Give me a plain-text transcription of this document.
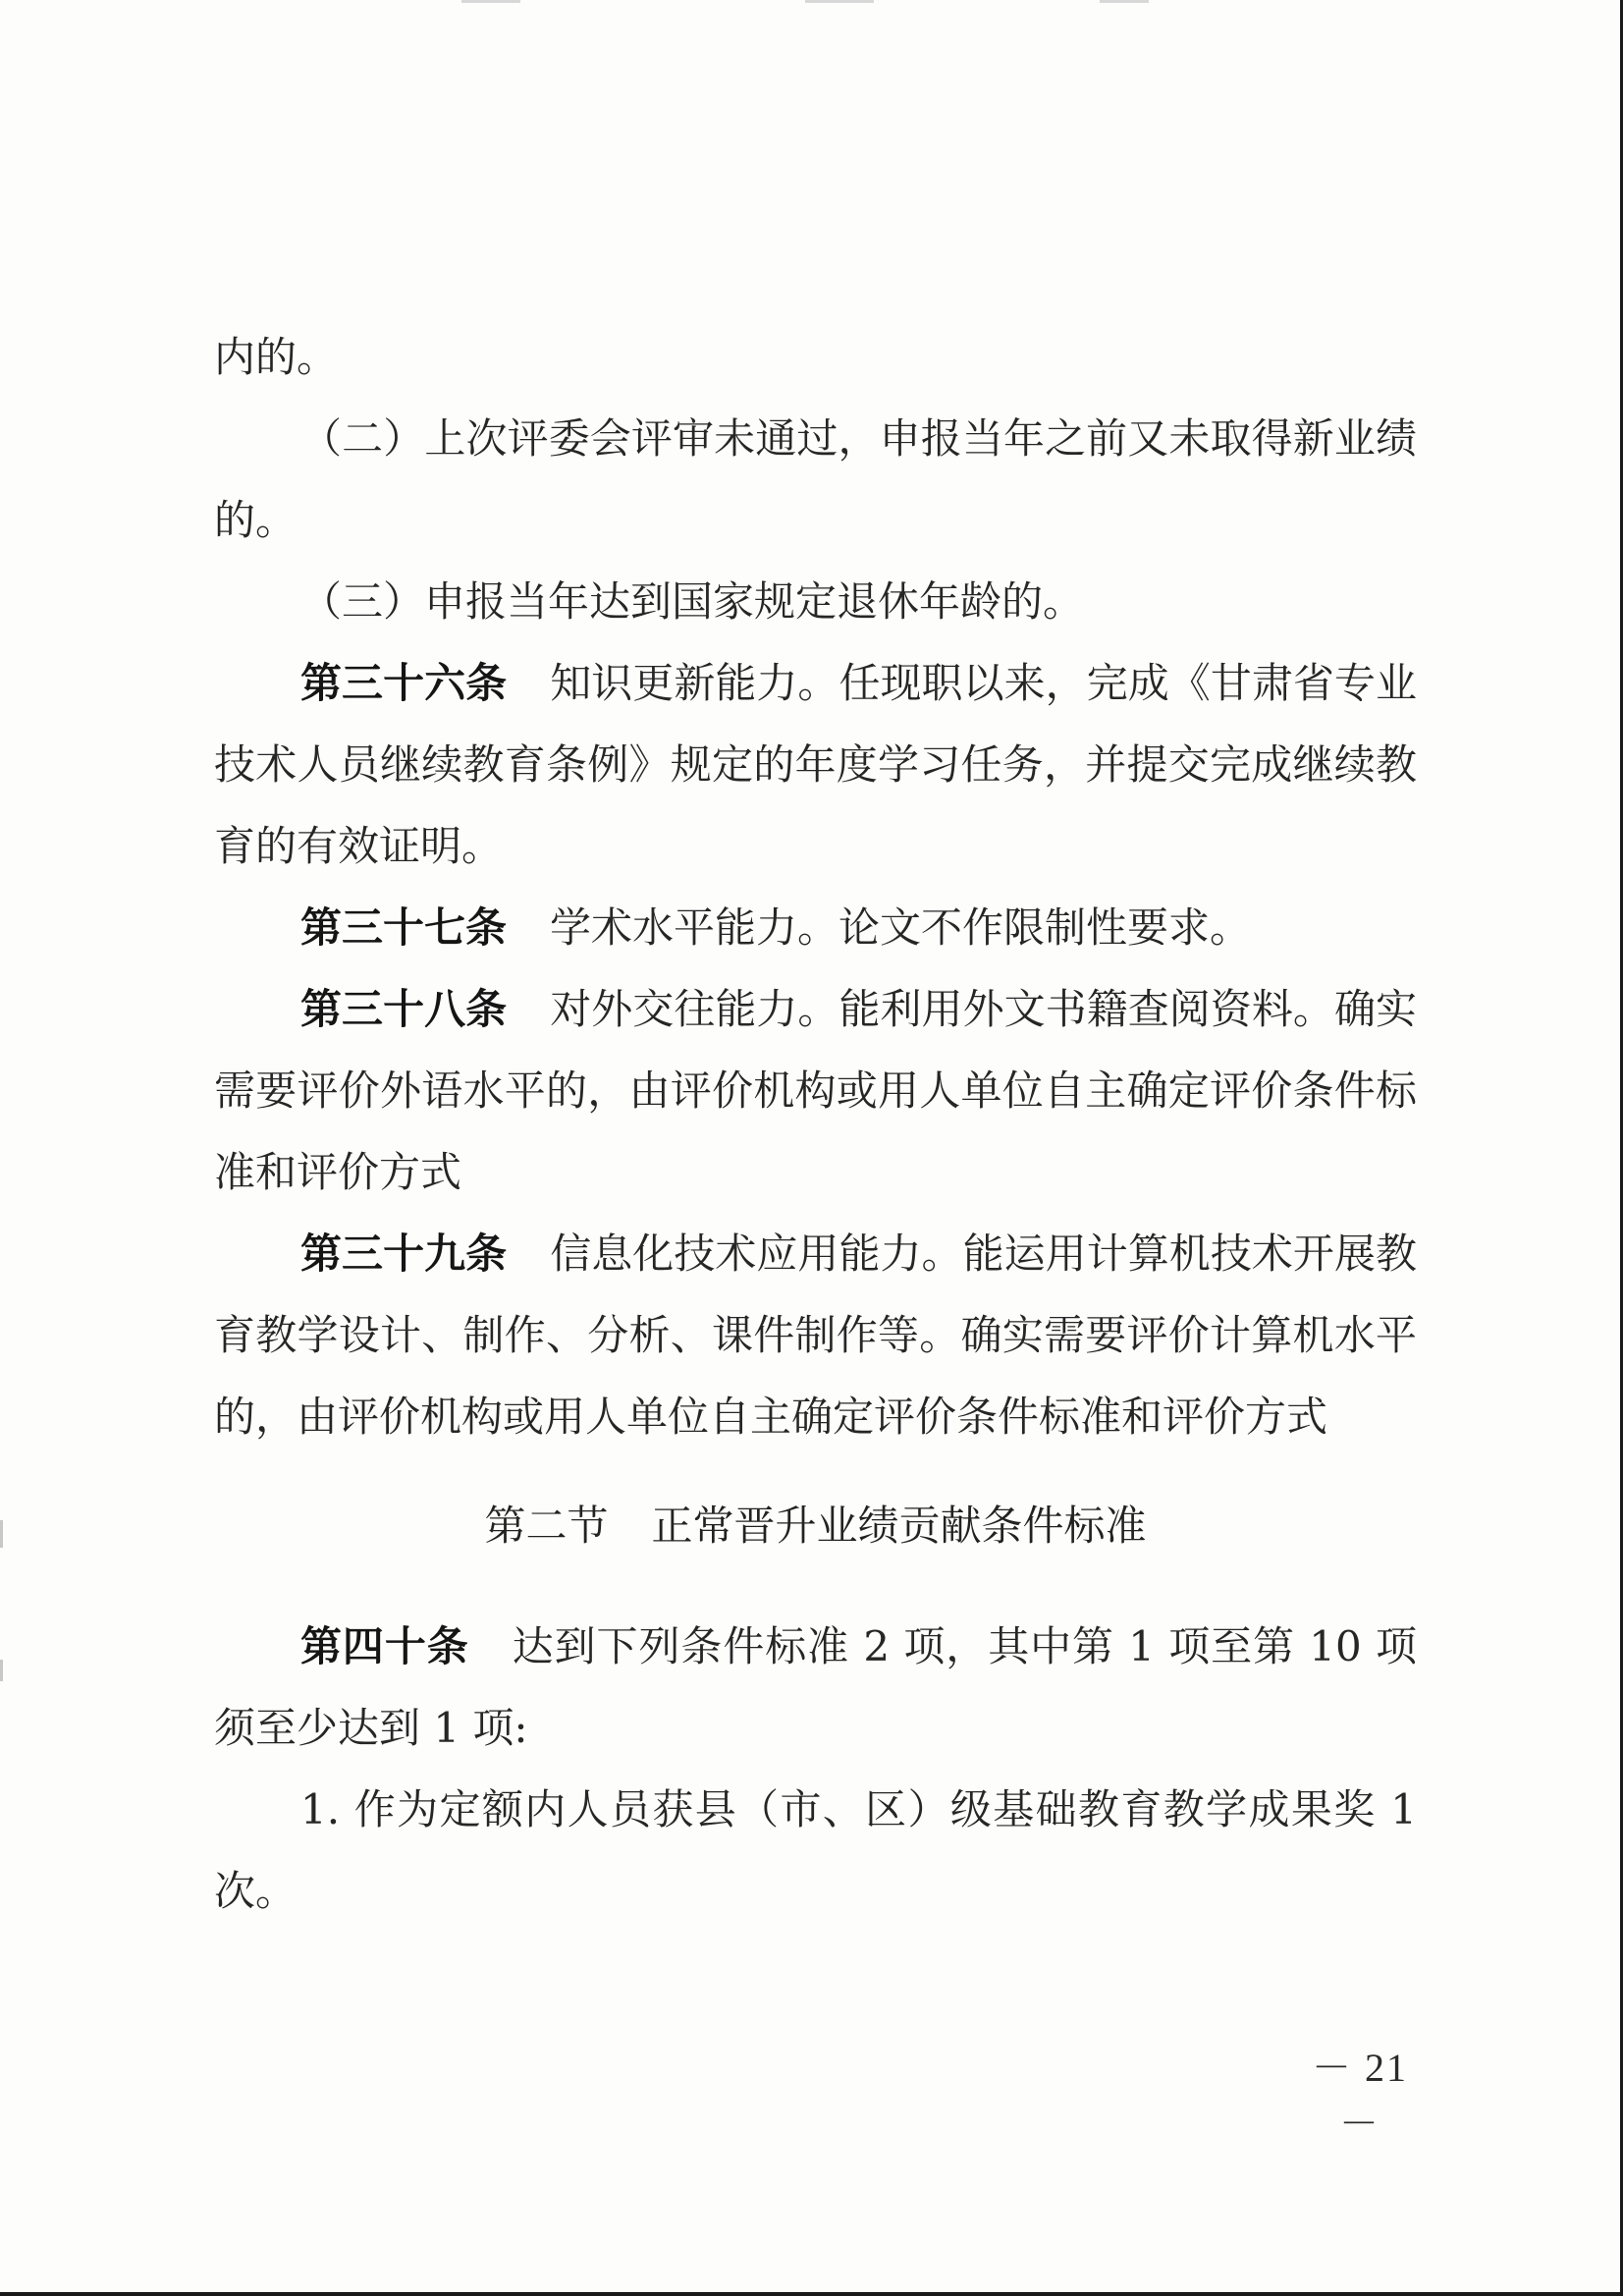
内的。

（二）上次评委会评审未通过，申报当年之前又未取得新业绩的。

（三）申报当年达到国家规定退休年龄的。

第三十六条 知识更新能力。任现职以来，完成《甘肃省专业技术人员继续教育条例》规定的年度学习任务，并提交完成继续教育的有效证明。

第三十七条 学术水平能力。论文不作限制性要求。

第三十八条 对外交往能力。能利用外文书籍查阅资料。确实需要评价外语水平的，由评价机构或用人单位自主确定评价条件标准和评价方式

第三十九条 信息化技术应用能力。能运用计算机技术开展教育教学设计、制作、分析、课件制作等。确实需要评价计算机水平的，由评价机构或用人单位自主确定评价条件标准和评价方式

第二节 正常晋升业绩贡献条件标准

第四十条 达到下列条件标准 2 项，其中第 1 项至第 10 项须至少达到 1 项:

1. 作为定额内人员获县（市、区）级基础教育教学成果奖 1 次。

－ 21 －
